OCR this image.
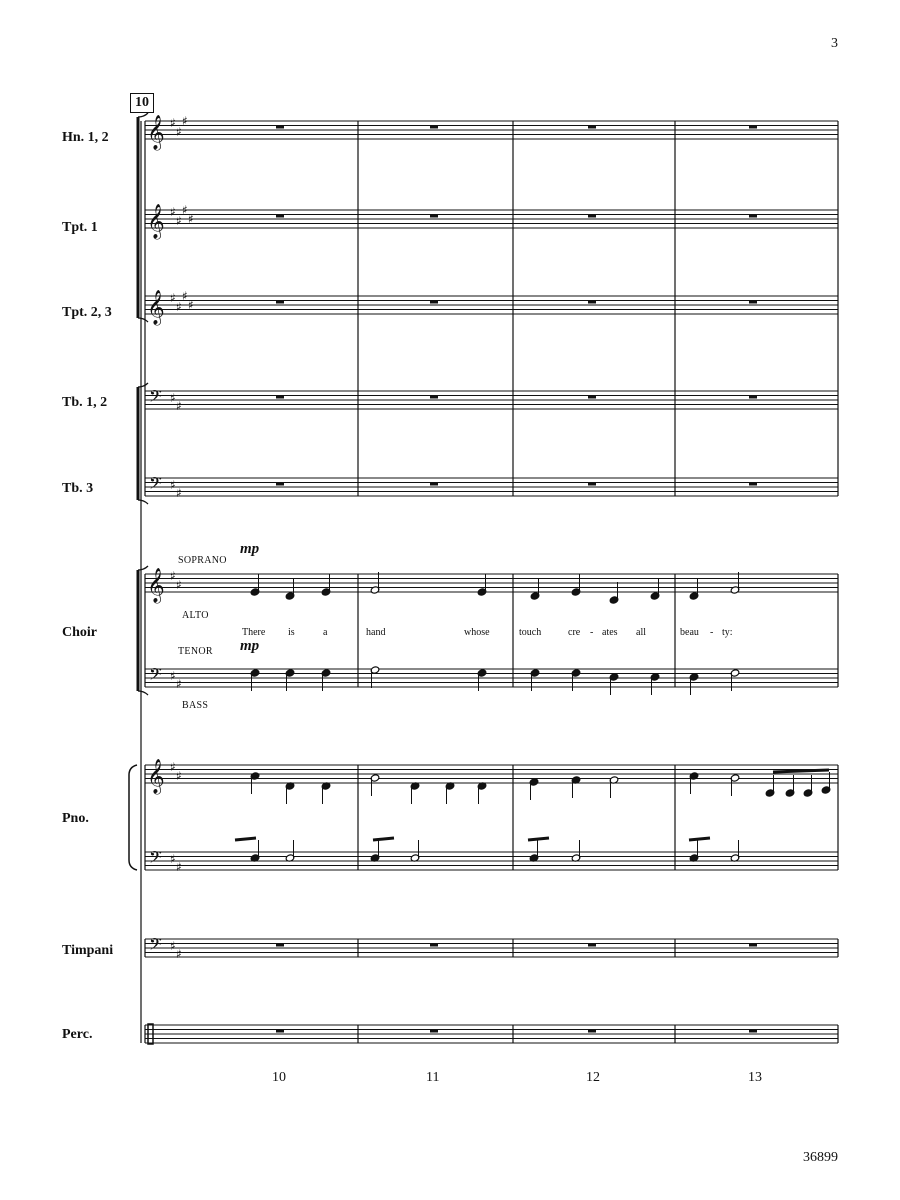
3
10
36899
Hn. 1, 2
Tpt. 1
Tpt. 2, 3
Tb. 1, 2
Tb. 3
Choir
Pno.
Timpani
Perc.
SOPRANO
ALTO
TENOR
BASS
mp
mp
There is	a	hand	whose	touch	cre - ates all	beau - ty:
10	11	12	13
𝄞 ♯
♯
♯
𝄞 ♯
♯
♯
♯
𝄞 ♯
♯
♯
♯
𝄢 ♯
♯
𝄢 ♯
♯
𝄞 ♯
♯
𝄢 ♯
♯
𝄞 ♯
♯
𝄢 ♯
♯
𝄢 ♯
♯
